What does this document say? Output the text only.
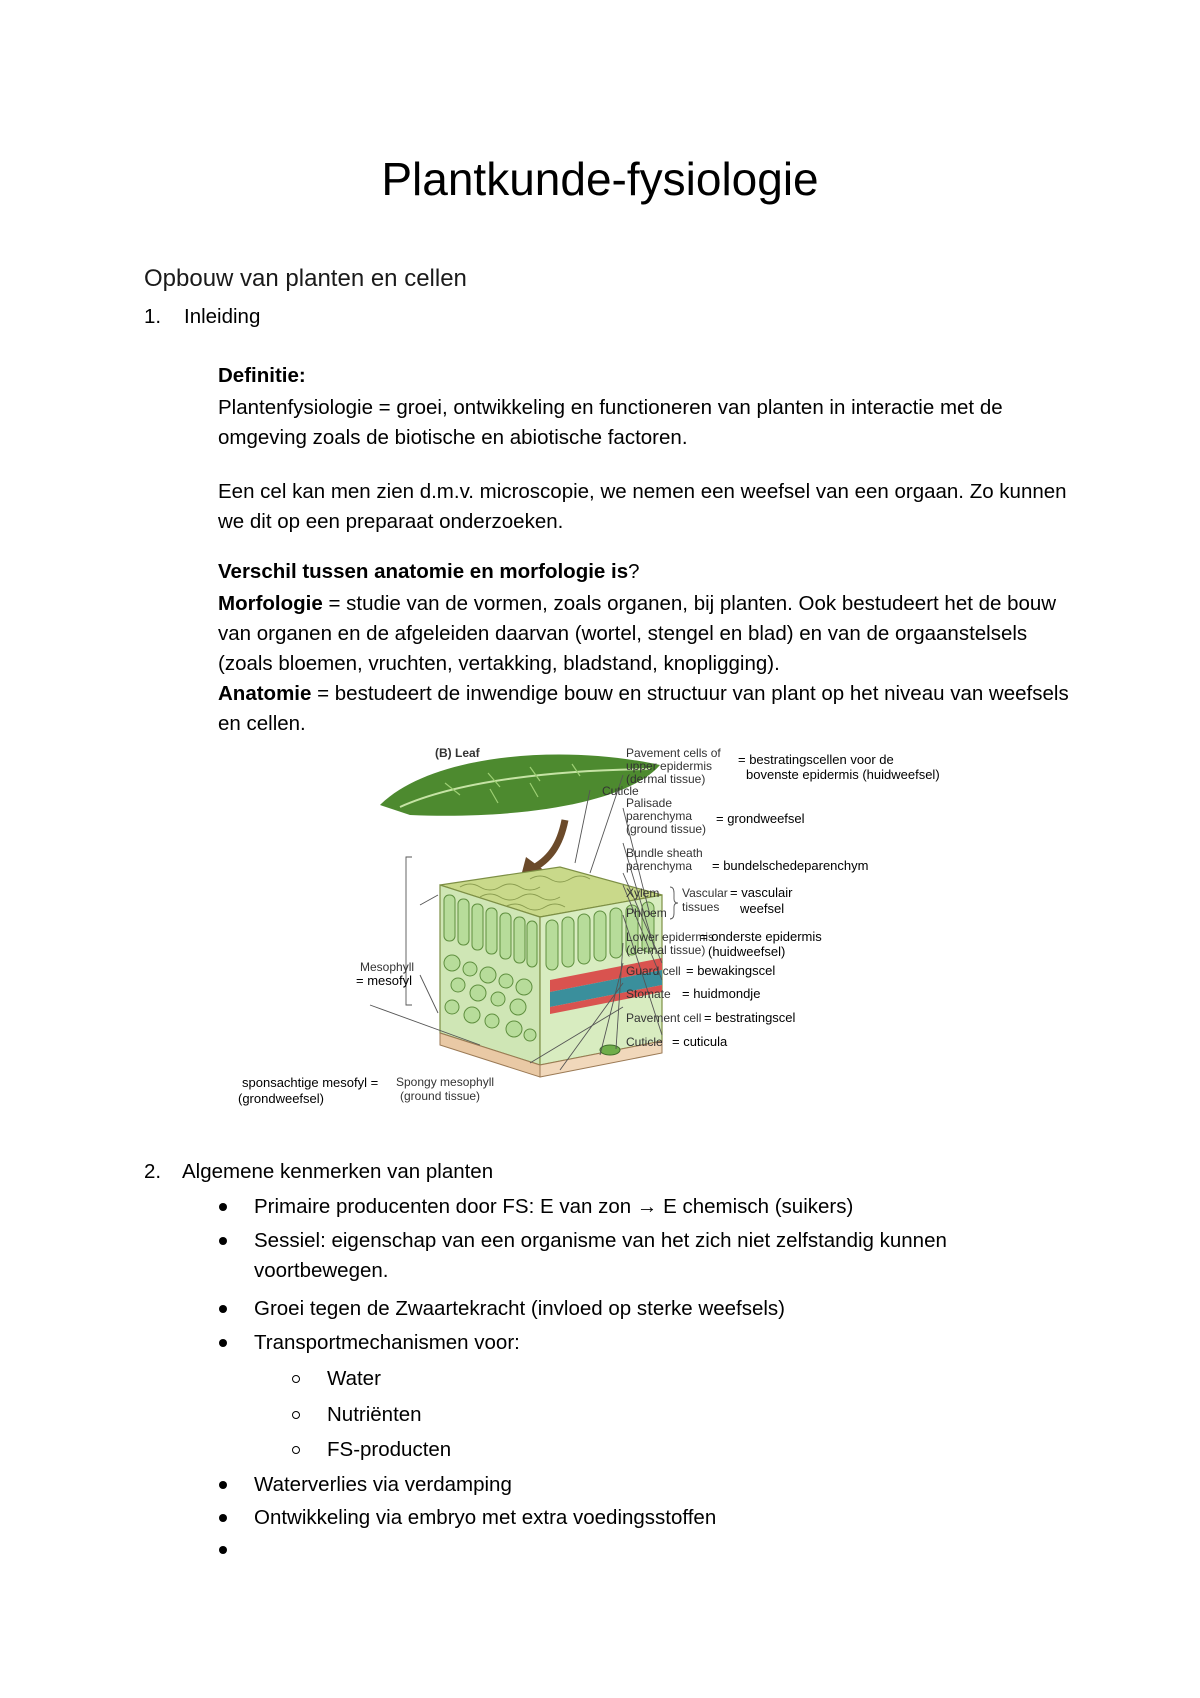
Plantkunde-fysiologie
Opbouw van planten en cellen
1. Inleiding
Definitie:
Plantenfysiologie = groei, ontwikkeling en functioneren van planten in interactie met de omgeving zoals de biotische en abiotische factoren.
Een cel kan men zien d.m.v. microscopie, we nemen een weefsel van een orgaan. Zo kunnen we dit op een preparaat onderzoeken.
Verschil tussen anatomie en morfologie is?
Morfologie = studie van de vormen, zoals organen, bij planten. Ook bestudeert het de bouw van organen en de afgeleiden daarvan (wortel, stengel en blad) en van de orgaanstelsels (zoals bloemen, vruchten, vertakking, bladstand, knopligging).
Anatomie = bestudeert de inwendige bouw en structuur van plant op het niveau van weefsels en cellen.
(B) Leaf	Pavement cells of upper epidermis (dermal tissue)
= bestratingscellen voor de bovenste epidermis (huidweefsel)
Cuticle
Palisade parenchyma (ground tissue)
= grondweefsel
Bundle sheath parenchyma	= bundelschedeparenchym
Xylem
Phloem
Vascular tissues
= vasculair weefsel
Lower epidermis (dermal tissue)
= onderste epidermis (huidweefsel)
Guard cell = bewakingscel
Stomate = huidmondje
Pavement cell = bestratingscel
Cuticle = cuticula
Mesophyll
= mesofyl
sponsachtige mesofyl = (grondweefsel)
Spongy mesophyll (ground tissue)
2. Algemene kenmerken van planten
Primaire producenten door FS: E van zon → E chemisch (suikers)
Sessiel: eigenschap van een organisme van het zich niet zelfstandig kunnen voortbewegen.
Groei tegen de Zwaartekracht (invloed op sterke weefsels)
Transportmechanismen voor:
Water
Nutriënten
FS-producten
Waterverlies via verdamping
Ontwikkeling via embryo met extra voedingsstoffen
